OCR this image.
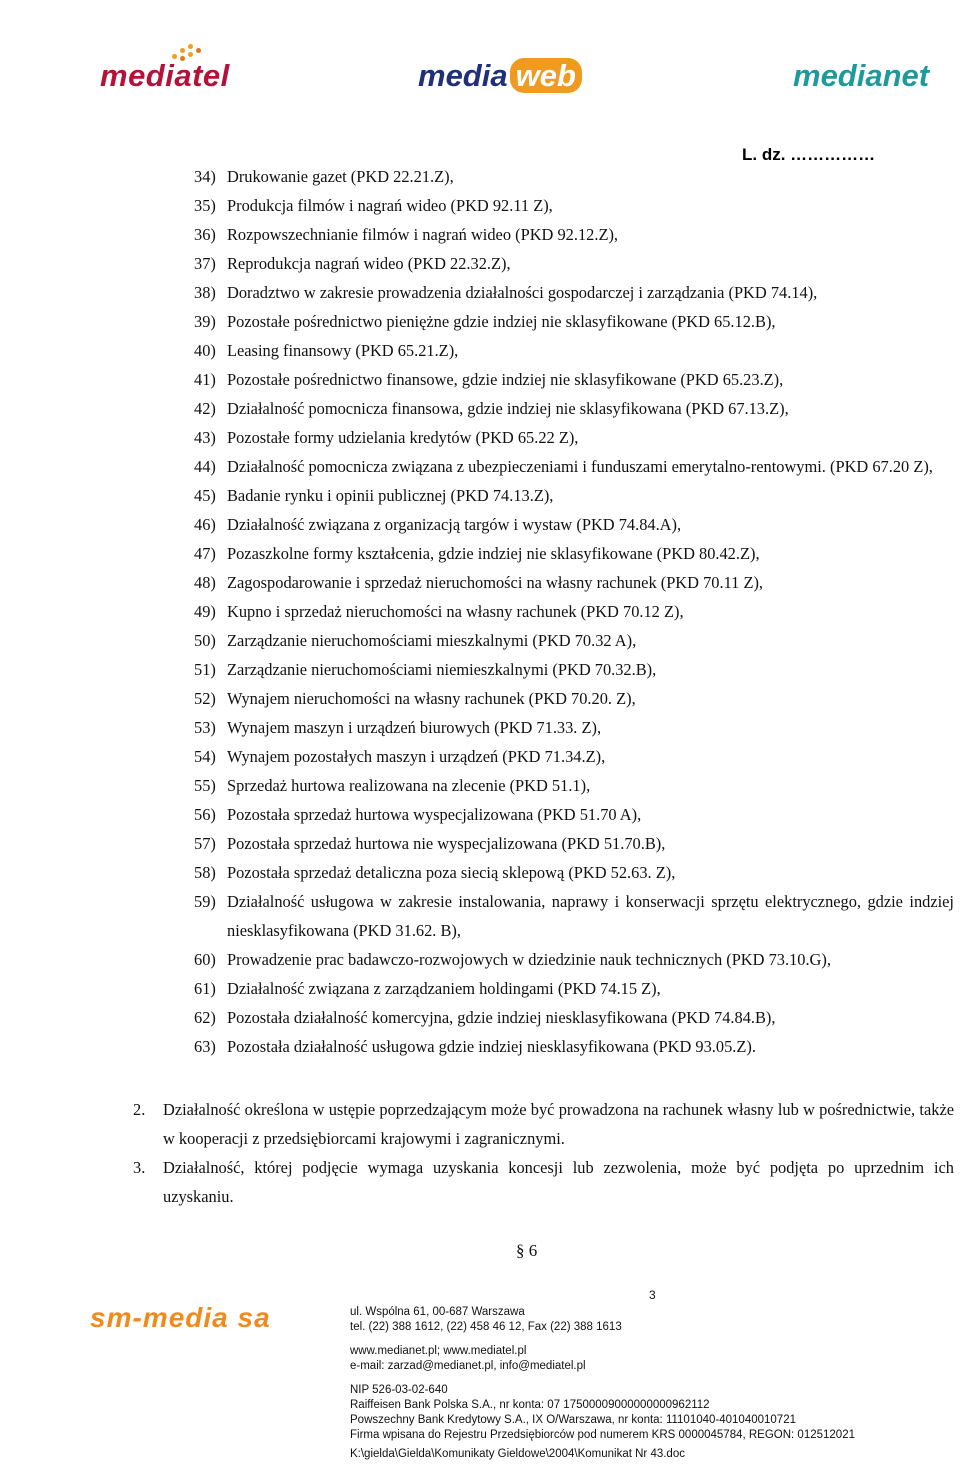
mediatel	media web	medianet
L. dz. ……………
34) Drukowanie gazet (PKD 22.21.Z),
35) Produkcja filmów i nagrań wideo (PKD 92.11 Z),
36) Rozpowszechnianie filmów i nagrań wideo (PKD 92.12.Z),
37) Reprodukcja nagrań wideo (PKD 22.32.Z),
38) Doradztwo w zakresie prowadzenia działalności gospodarczej i zarządzania (PKD 74.14),
39) Pozostałe pośrednictwo pieniężne gdzie indziej nie sklasyfikowane (PKD 65.12.B),
40) Leasing finansowy (PKD 65.21.Z),
41) Pozostałe pośrednictwo finansowe, gdzie indziej nie sklasyfikowane (PKD 65.23.Z),
42) Działalność pomocnicza finansowa, gdzie indziej nie sklasyfikowana (PKD 67.13.Z),
43) Pozostałe formy udzielania kredytów (PKD 65.22 Z),
44) Działalność pomocnicza związana z ubezpieczeniami i funduszami emerytalno-rentowymi. (PKD 67.20 Z),
45) Badanie rynku i opinii publicznej (PKD 74.13.Z),
46) Działalność związana z organizacją targów i wystaw (PKD 74.84.A),
47) Pozaszkolne formy kształcenia, gdzie indziej nie sklasyfikowane (PKD 80.42.Z),
48) Zagospodarowanie i sprzedaż nieruchomości na własny rachunek (PKD 70.11 Z),
49) Kupno i sprzedaż nieruchomości na własny rachunek (PKD 70.12 Z),
50) Zarządzanie nieruchomościami mieszkalnymi (PKD 70.32 A),
51) Zarządzanie nieruchomościami niemieszkalnymi (PKD 70.32.B),
52) Wynajem nieruchomości na własny rachunek (PKD 70.20. Z),
53) Wynajem maszyn i urządzeń biurowych (PKD 71.33. Z),
54) Wynajem pozostałych maszyn i urządzeń (PKD 71.34.Z),
55) Sprzedaż hurtowa realizowana na zlecenie (PKD 51.1),
56) Pozostała sprzedaż hurtowa wyspecjalizowana (PKD 51.70 A),
57) Pozostała sprzedaż hurtowa nie wyspecjalizowana (PKD 51.70.B),
58) Pozostała sprzedaż detaliczna poza siecią sklepową (PKD 52.63. Z),
59) Działalność usługowa w zakresie instalowania, naprawy i konserwacji sprzętu elektrycznego, gdzie indziej niesklasyfikowana (PKD 31.62. B),
60) Prowadzenie prac badawczo-rozwojowych w dziedzinie nauk technicznych (PKD 73.10.G),
61) Działalność związana z zarządzaniem holdingami (PKD 74.15 Z),
62) Pozostała działalność komercyjna, gdzie indziej niesklasyfikowana (PKD 74.84.B),
63) Pozostała działalność usługowa gdzie indziej niesklasyfikowana (PKD 93.05.Z).
2. Działalność określona w ustępie poprzedzającym może być prowadzona na rachunek własny lub w pośrednictwie, także w kooperacji z przedsiębiorcami krajowymi i zagranicznymi.
3. Działalność, której podjęcie wymaga uzyskania koncesji lub zezwolenia, może być podjęta po uprzednim ich uzyskaniu.
§ 6
sm-media sa
3
ul. Wspólna 61, 00-687 Warszawa
tel. (22) 388 1612, (22) 458 46 12, Fax (22) 388 1613
www.medianet.pl; www.mediatel.pl
e-mail: zarzad@medianet.pl, info@mediatel.pl
NIP 526-03-02-640
Raiffeisen Bank Polska S.A., nr konta: 07 17500009000000000962112
Powszechny Bank Kredytowy S.A., IX O/Warszawa, nr konta: 11101040-401040010721
Firma wpisana do Rejestru Przedsiębiorców pod numerem KRS 0000045784, REGON: 012512021
K:\gielda\Gielda\Komunikaty Gieldowe\2004\Komunikat Nr 43.doc
